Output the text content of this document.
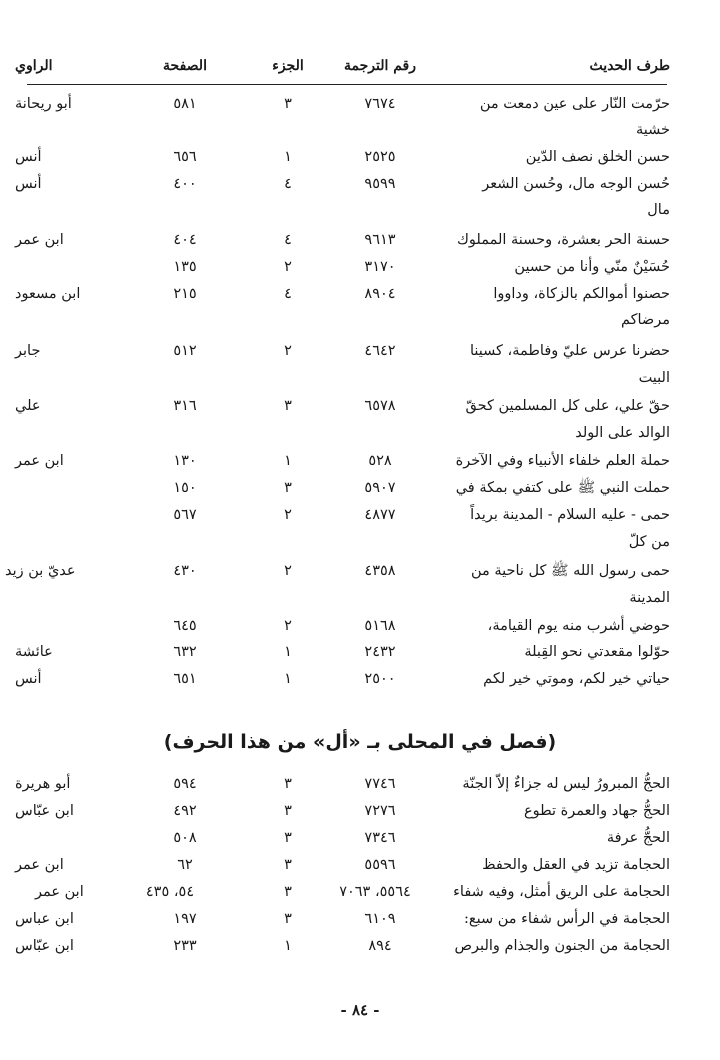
طرف الحديث
رقم الترجمة
الجزء
الصفحة
الراوي
حرّمت النّار على عين دمعت من
٧٦٧٤
٣
٥٨١
أبو ريحانة
خشية
حسن الخلق نصف الدّين
٢٥٢٥
١
٦٥٦
أنس
حُسن الوجه مال، وحُسن الشعر
٩٥٩٩
٤
٤٠٠
أنس
مال
حسنة الحر بعشرة، وحسنة المملوك
٩٦١٣
٤
٤٠٤
ابن عمر
حُسَيْنٌ منّي وأنا من حسين
٣١٧٠
٢
١٣٥
حصنوا أموالكم بالزكاة، وداووا
٨٩٠٤
٤
٢١٥
ابن مسعود
مرضاكم
حضرنا عرس عليّ وفاطمة، كسينا
٤٦٤٢
٢
٥١٢
جابر
البيت
حقّ علي، على كل المسلمين كحقّ
٦٥٧٨
٣
٣١٦
علي
الوالد على الولد
حملة العلم خلفاء الأنبياء وفي الآخرة
٥٢٨
١
١٣٠
ابن عمر
حملت النبي ﷺ على كتفي بمكة في
٥٩٠٧
٣
١٥٠
حمى - عليه السلام - المدينة بريداً
٤٨٧٧
٢
٥٦٧
من كلّ
حمى رسول الله ﷺ كل ناحية من
٤٣٥٨
٢
٤٣٠
عديّ بن زيد
المدينة
حوضي أشرب منه يوم القيامة،
٥١٦٨
٢
٦٤٥
حوّلوا مقعدتي نحو القِبلة
٢٤٣٢
١
٦٣٢
عائشة
حياتي خير لكم، وموتي خير لكم
٢٥٠٠
١
٦٥١
أنس
(فصل في المحلى بـ «أل» من هذا الحرف)
الحجُّ المبرورُ ليس له جزاءٌ إلاّ الجنّة
٧٧٤٦
٣
٥٩٤
أبو هريرة
الحجُّ جهاد والعمرة تطوع
٧٢٧٦
٣
٤٩٢
ابن عبّاس
الحجُّ عرفة
٧٣٤٦
٣
٥٠٨
الحجامة تزيد في العقل والحفظ
٥٥٩٦
٣
٦٢
ابن عمر
الحجامة على الريق أمثل، وفيه شفاء
٥٥٦٤، ٧٠٦٣
٣
٥٤، ٤٣٥
ابن عمر
الحجامة في الرأس شفاء من سبع:
٦١٠٩
٣
١٩٧
ابن عباس
الحجامة من الجنون والجذام والبرص
٨٩٤
١
٢٣٣
ابن عبّاس
- ٨٤ -
